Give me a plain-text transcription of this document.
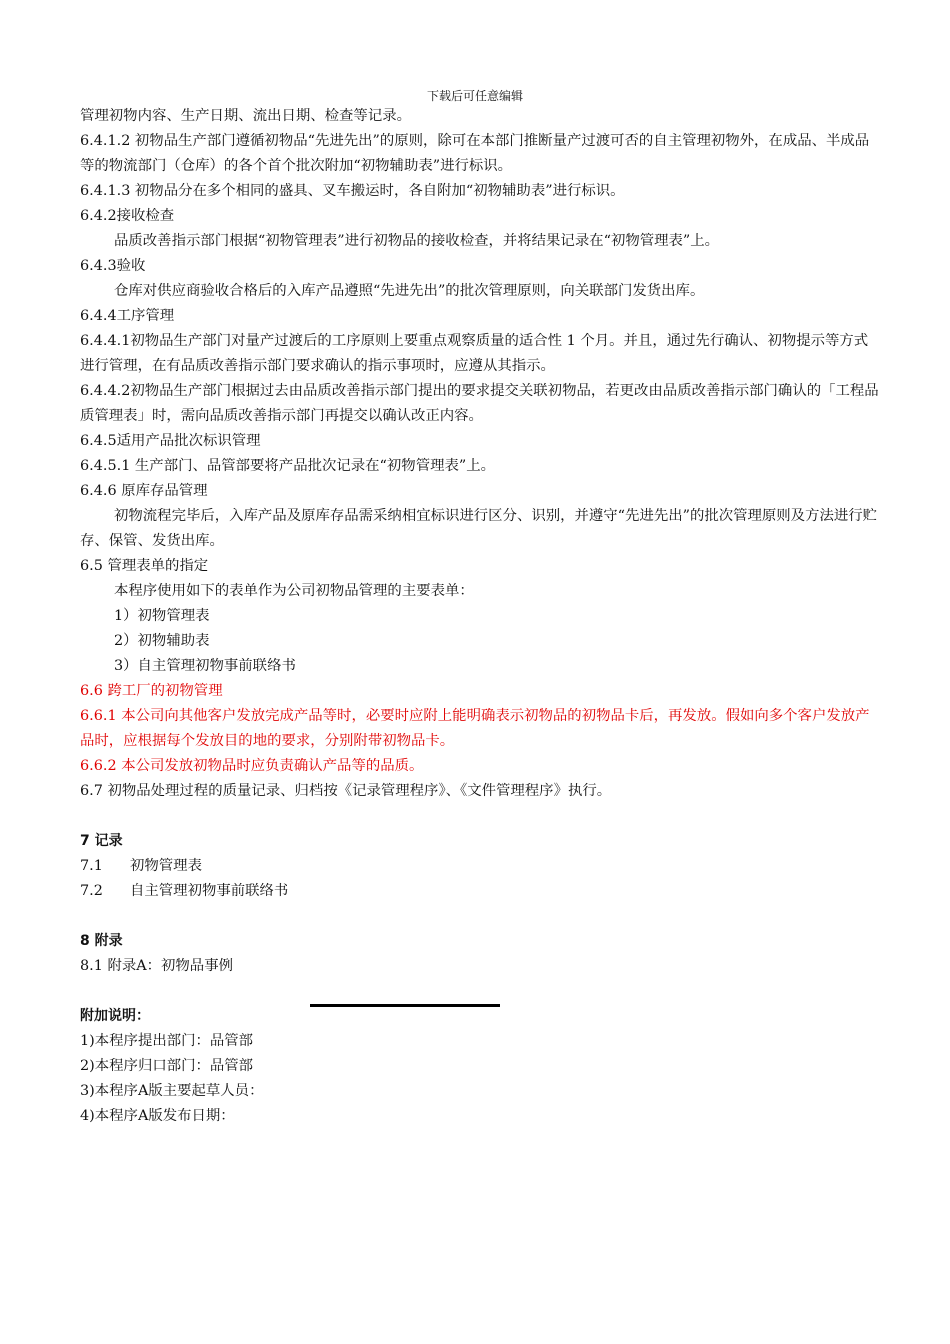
下载后可任意编辑

管理初物内容、生产日期、流出日期、检查等记录。

6.4.1.2 初物品生产部门遵循初物品“先进先出”的原则，除可在本部门推断量产过渡可否的自主管理初物外，在成品、半成品等的物流部门（仓库）的各个首个批次附加“初物辅助表”进行标识。

6.4.1.3 初物品分在多个相同的盛具、叉车搬运时，各自附加“初物辅助表”进行标识。

6.4.2接收检查

品质改善指示部门根据“初物管理表”进行初物品的接收检查，并将结果记录在“初物管理表”上。

6.4.3验收

仓库对供应商验收合格后的入库产品遵照“先进先出”的批次管理原则，向关联部门发货出库。

6.4.4工序管理

6.4.4.1初物品生产部门对量产过渡后的工序原则上要重点观察质量的适合性 1 个月。并且，通过先行确认、初物提示等方式进行管理，在有品质改善指示部门要求确认的指示事项时，应遵从其指示。

6.4.4.2初物品生产部门根据过去由品质改善指示部门提出的要求提交关联初物品，若更改由品质改善指示部门确认的「工程品质管理表」时，需向品质改善指示部门再提交以确认改正内容。

6.4.5适用产品批次标识管理

6.4.5.1 生产部门、品管部要将产品批次记录在“初物管理表”上。

6.4.6 原库存品管理

初物流程完毕后，入库产品及原库存品需采纳相宜标识进行区分、识别，并遵守“先进先出”的批次管理原则及方法进行贮存、保管、发货出库。

6.5 管理表单的指定

本程序使用如下的表单作为公司初物品管理的主要表单：

1）初物管理表

2）初物辅助表

3）自主管理初物事前联络书

6.6 跨工厂的初物管理

6.6.1 本公司向其他客户发放完成产品等时，必要时应附上能明确表示初物品的初物品卡后，再发放。假如向多个客户发放产品时，应根据每个发放目的地的要求，分别附带初物品卡。

6.6.2 本公司发放初物品时应负责确认产品等的品质。

6.7 初物品处理过程的质量记录、归档按《记录管理程序》、《文件管理程序》执行。

7 记录

7.1 初物管理表

7.2 自主管理初物事前联络书

8 附录

8.1 附录A：初物品事例

附加说明：

1)本程序提出部门：品管部

2)本程序归口部门：品管部

3)本程序A版主要起草人员：

4)本程序A版发布日期：
